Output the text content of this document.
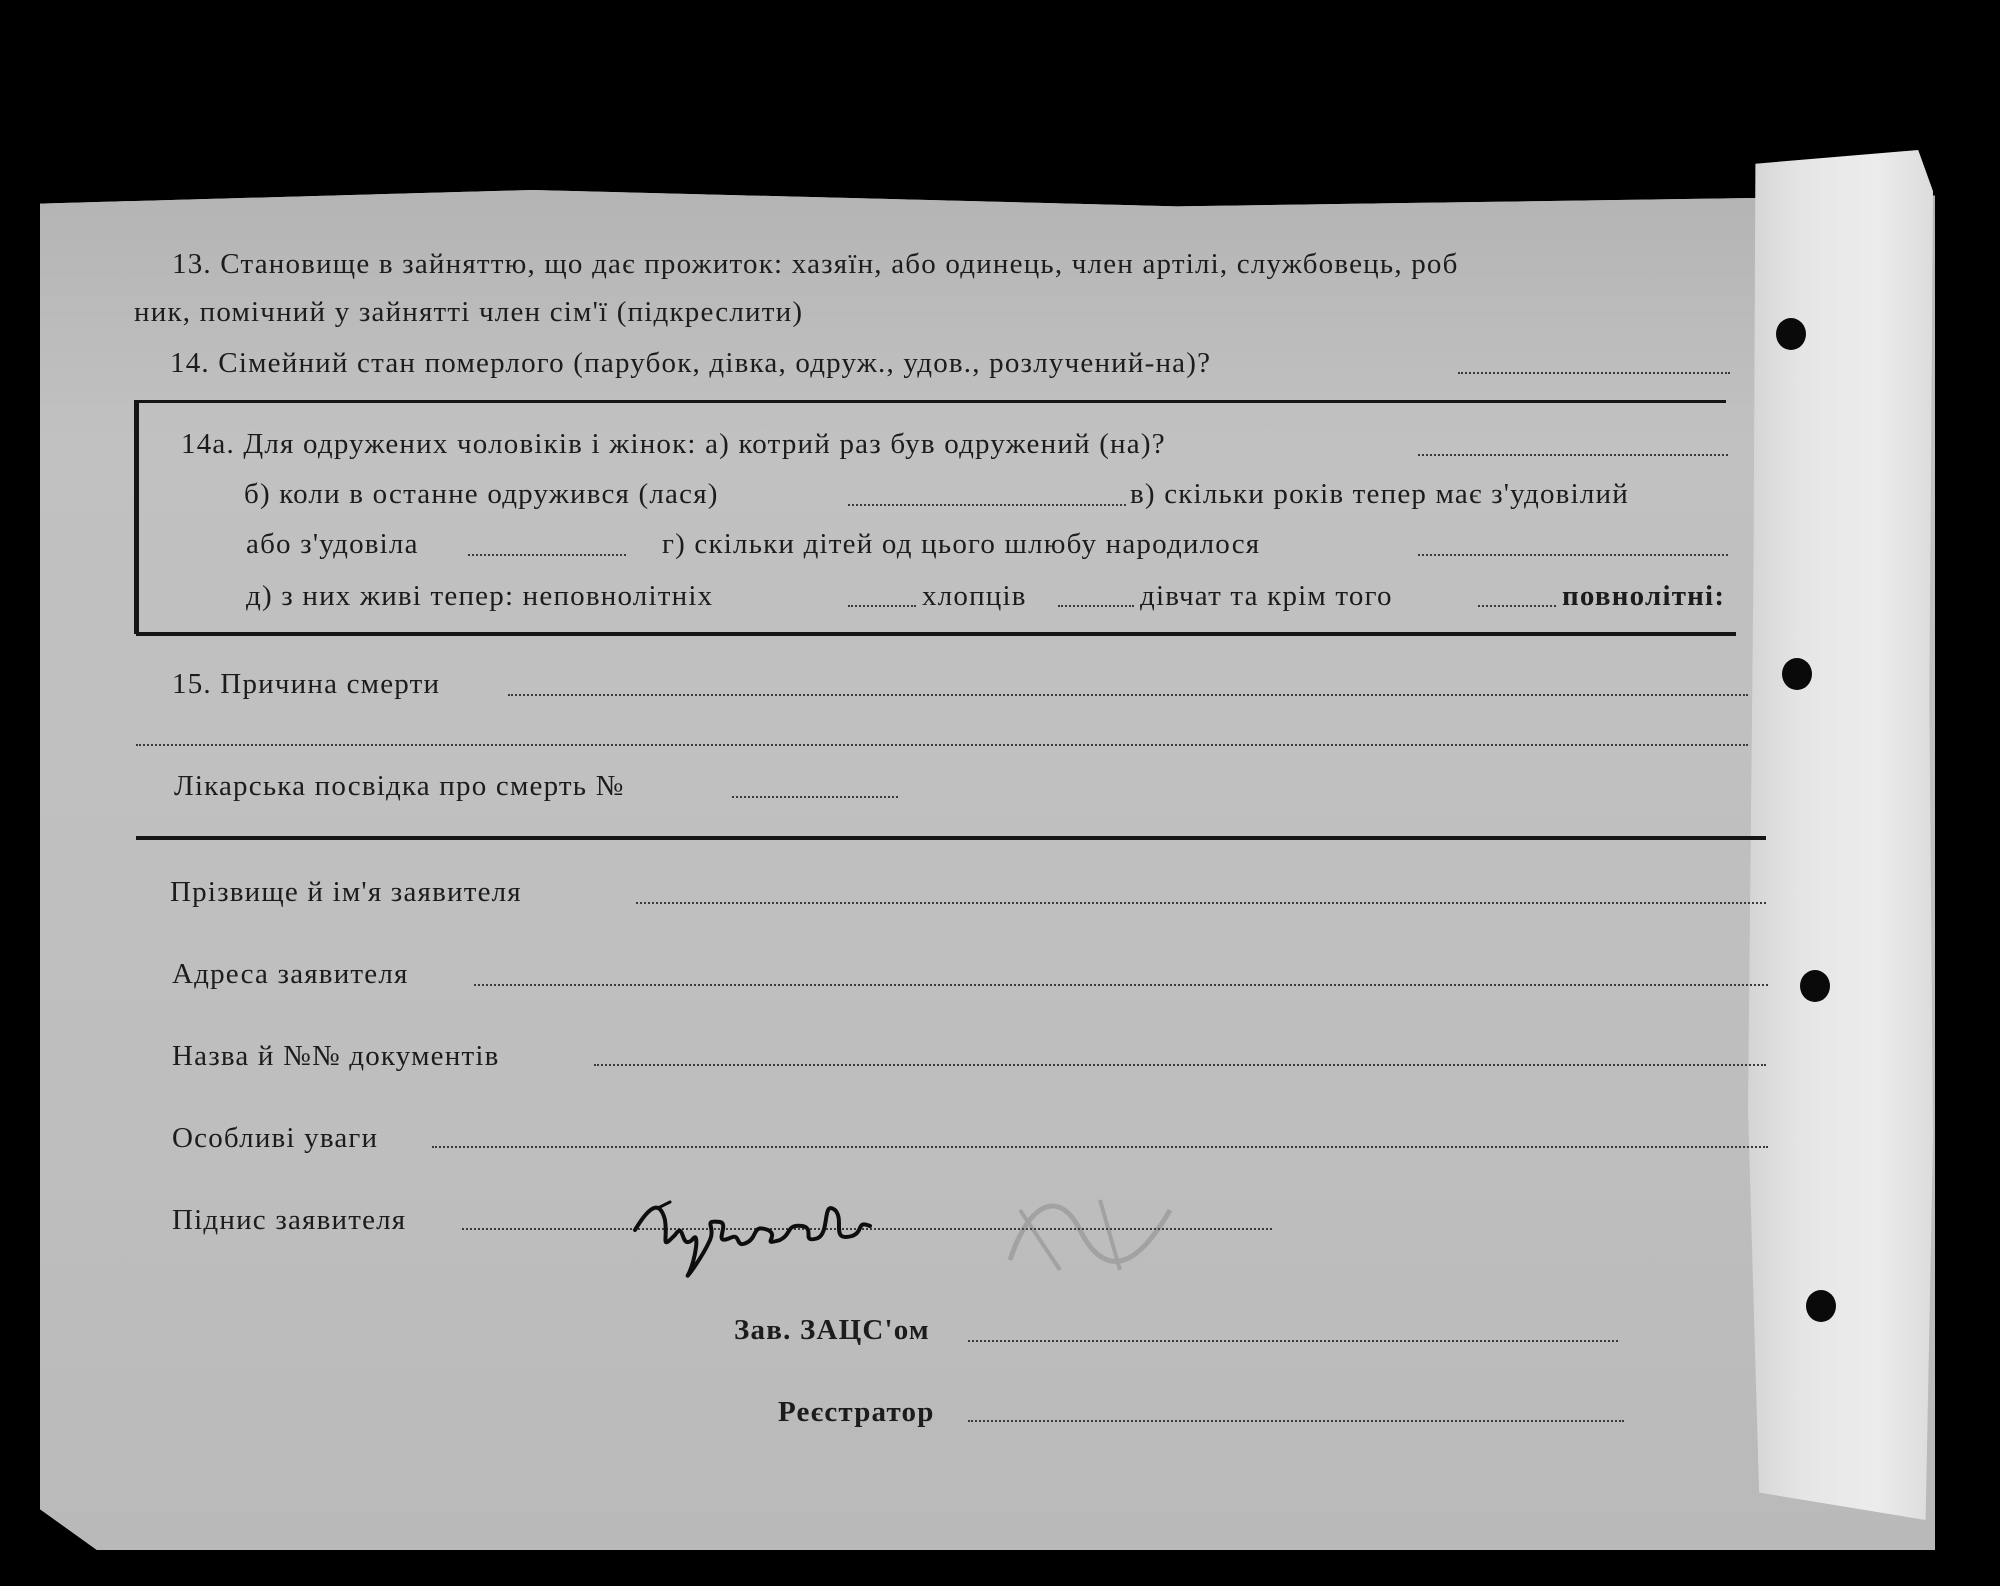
13. Становище в зайняттю, що дає прожиток: хазяїн, або одинець, член артілі, службовець, роб
ник, помічний у зайнятті член сім'ї (підкреслити)
14. Сімейний стан померлого (парубок, дівка, одруж., удов., розлучений-на)?
14а. Для одружених чоловіків і жінок: а) котрий раз був одружений (на)?
б) коли в останне одружився (лася)	в) скільки років тепер має з'удовілий
або з'удовіла	г) скільки дітей од цього шлюбу народилося
д) з них живі тепер: неповнолітніх	хлопців	дівчат та крім того	повнолітні:
15. Причина смерти
Лікарська посвідка про смерть №
Прізвище й ім'я заявителя
Адреса заявителя
Назва й №№ документів
Особливі уваги
Піднис заявителя
Зав. ЗАЦС'ом
Реєстратор
